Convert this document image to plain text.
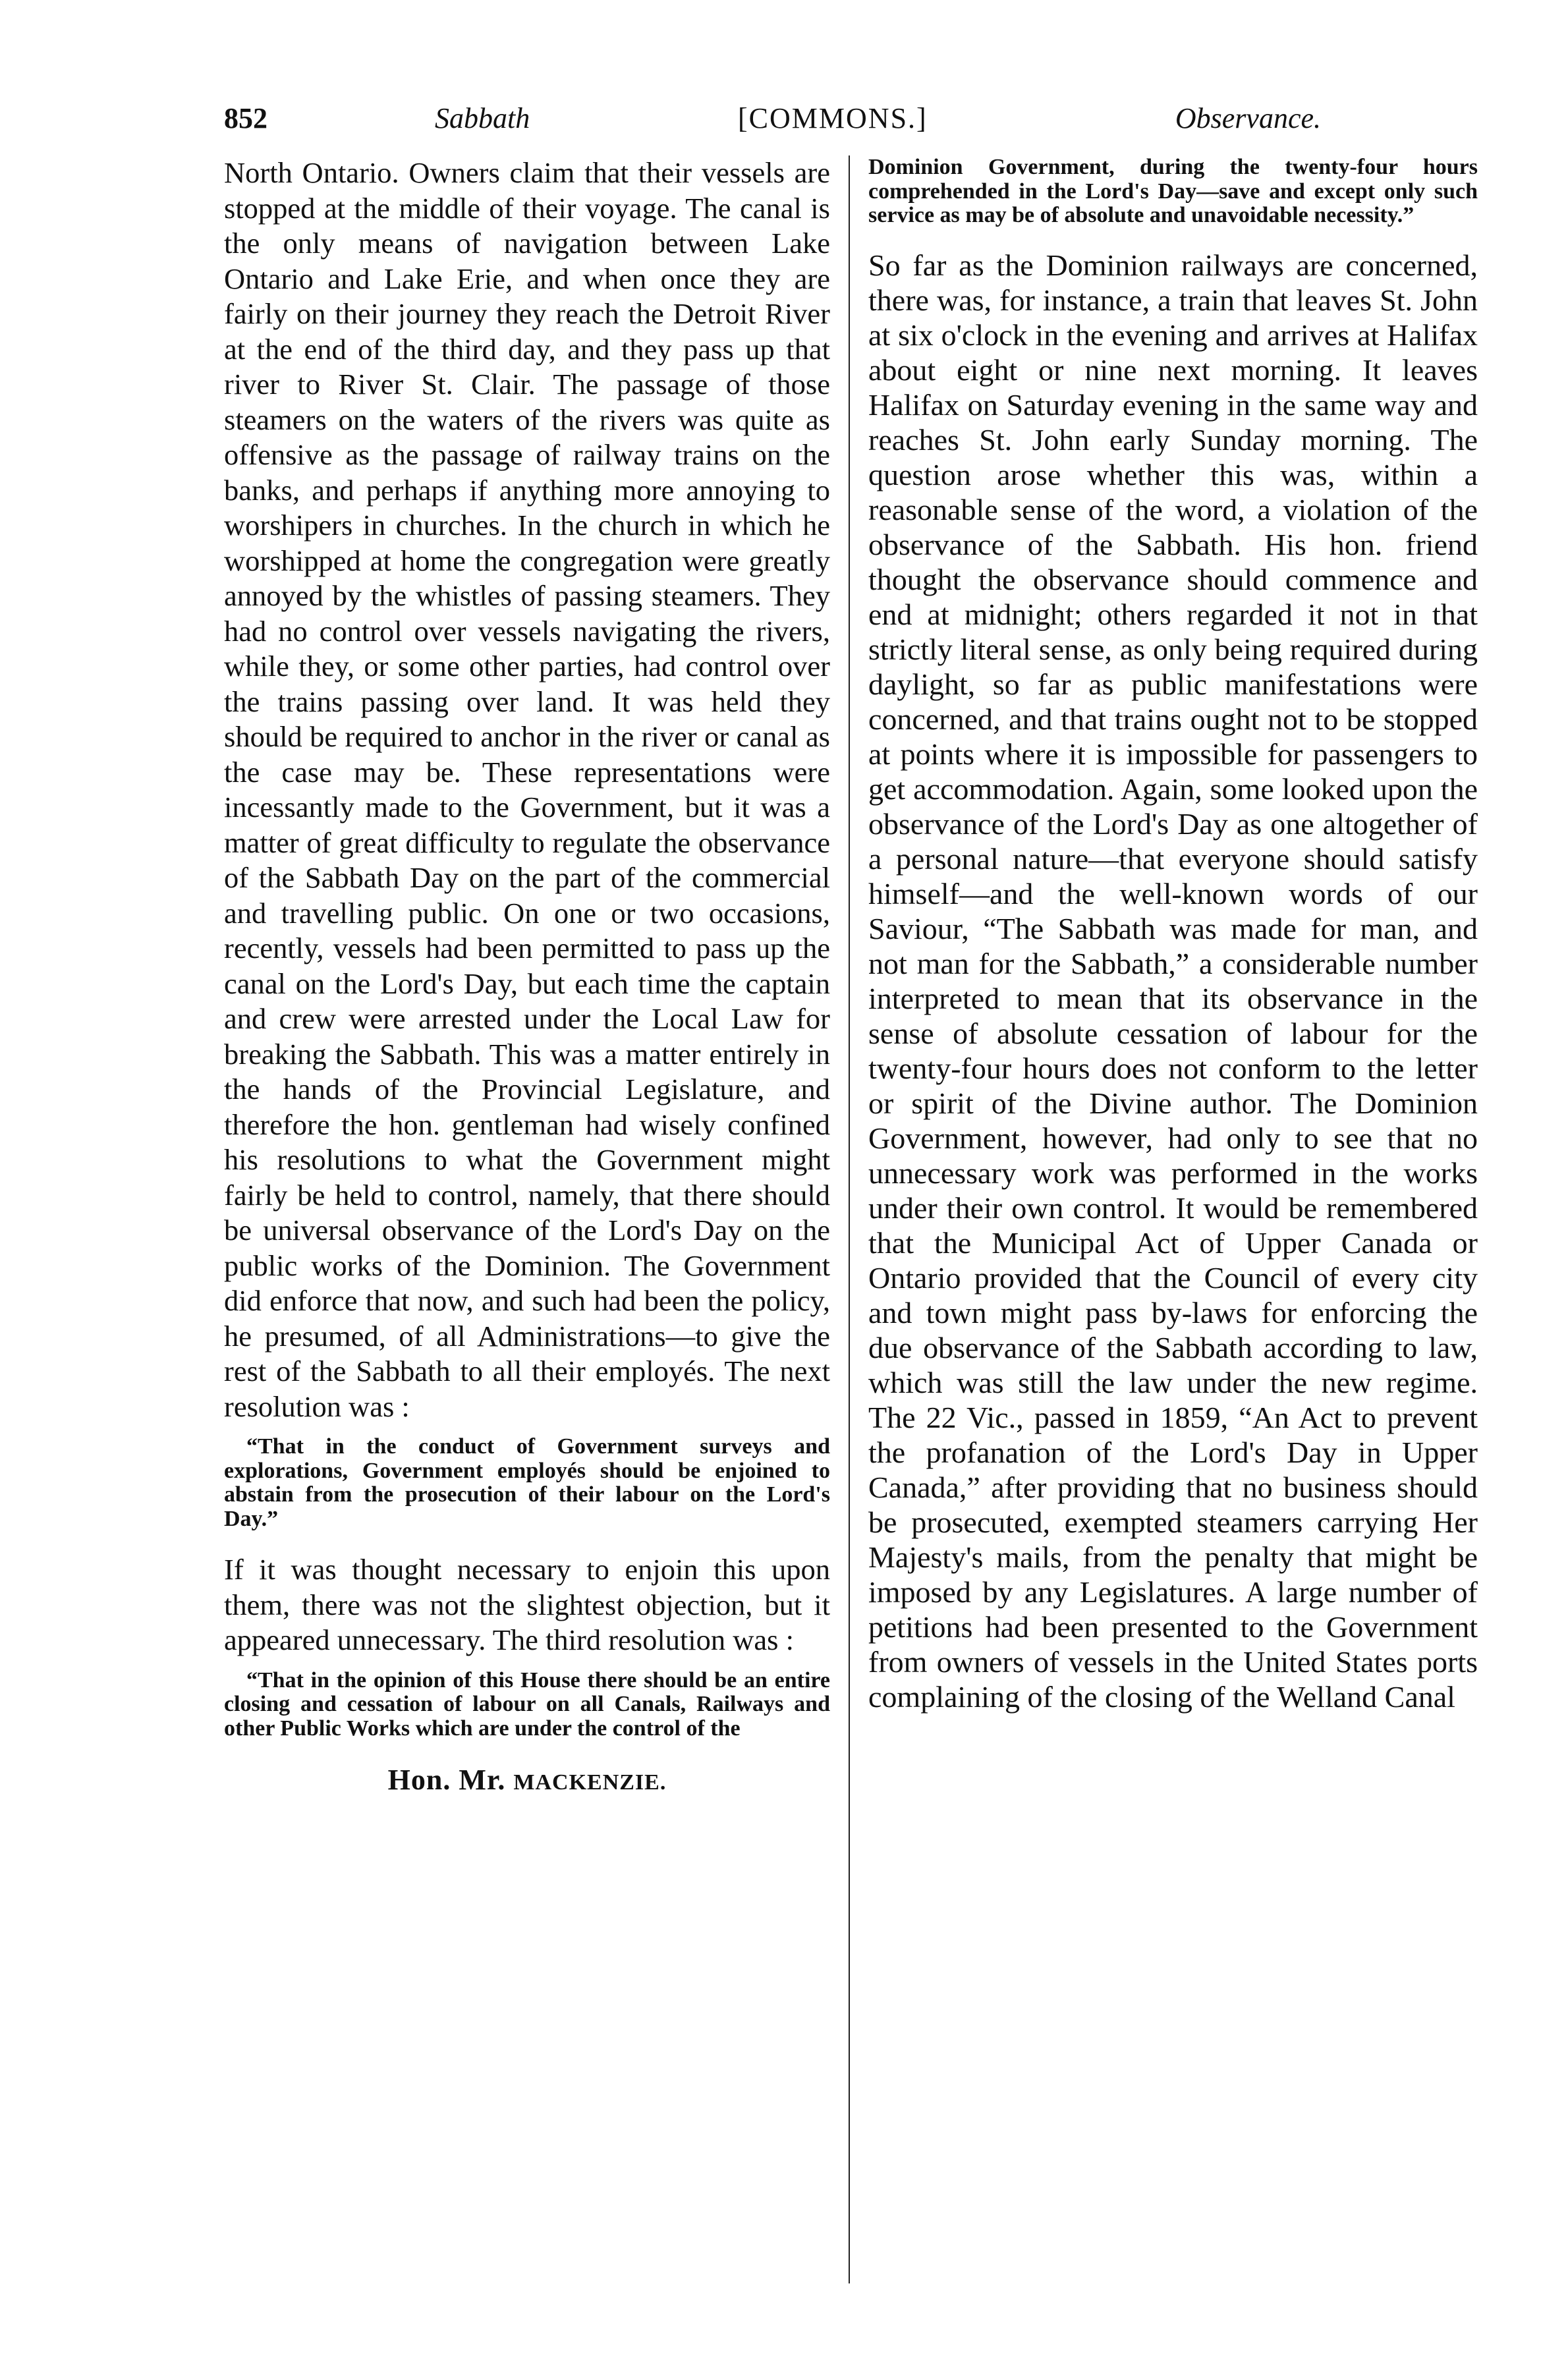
852	Sabbath	[COMMONS.]	Observance.

North Ontario. Owners claim that their vessels are stopped at the middle of their voyage. The canal is the only means of navigation between Lake Ontario and Lake Erie, and when once they are fairly on their journey they reach the Detroit River at the end of the third day, and they pass up that river to River St. Clair. The passage of those steamers on the waters of the rivers was quite as offensive as the passage of railway trains on the banks, and perhaps if anything more annoying to worshipers in churches. In the church in which he worshipped at home the congregation were greatly annoyed by the whistles of passing steamers. They had no control over vessels navigating the rivers, while they, or some other parties, had control over the trains passing over land. It was held they should be required to anchor in the river or canal as the case may be. These representations were incessantly made to the Government, but it was a matter of great difficulty to regulate the observance of the Sabbath Day on the part of the commercial and travelling public. On one or two occasions, recently, vessels had been permitted to pass up the canal on the Lord's Day, but each time the captain and crew were arrested under the Local Law for breaking the Sabbath. This was a matter entirely in the hands of the Provincial Legislature, and therefore the hon. gentleman had wisely confined his resolutions to what the Government might fairly be held to control, namely, that there should be universal observance of the Lord's Day on the public works of the Dominion. The Government did enforce that now, and such had been the policy, he presumed, of all Administrations—to give the rest of the Sabbath to all their employés. The next resolution was :

“That in the conduct of Government surveys and explorations, Government employés should be enjoined to abstain from the prosecution of their labour on the Lord's Day.”

If it was thought necessary to enjoin this upon them, there was not the slightest objection, but it appeared unnecessary. The third resolution was :

“That in the opinion of this House there should be an entire closing and cessation of labour on all Canals, Railways and other Public Works which are under the control of the

Hon. Mr. MACKENZIE.

Dominion Government, during the twenty-four hours comprehended in the Lord's Day—save and except only such service as may be of absolute and unavoidable necessity.”

So far as the Dominion railways are concerned, there was, for instance, a train that leaves St. John at six o'clock in the evening and arrives at Halifax about eight or nine next morning. It leaves Halifax on Saturday evening in the same way and reaches St. John early Sunday morning. The question arose whether this was, within a reasonable sense of the word, a violation of the observance of the Sabbath. His hon. friend thought the observance should commence and end at midnight; others regarded it not in that strictly literal sense, as only being required during daylight, so far as public manifestations were concerned, and that trains ought not to be stopped at points where it is impossible for passengers to get accommodation. Again, some looked upon the observance of the Lord's Day as one altogether of a personal nature—that everyone should satisfy himself—and the well-known words of our Saviour, “The Sabbath was made for man, and not man for the Sabbath,” a considerable number interpreted to mean that its observance in the sense of absolute cessation of labour for the twenty-four hours does not conform to the letter or spirit of the Divine author. The Dominion Government, however, had only to see that no unnecessary work was performed in the works under their own control. It would be remembered that the Municipal Act of Upper Canada or Ontario provided that the Council of every city and town might pass by-laws for enforcing the due observance of the Sabbath according to law, which was still the law under the new regime. The 22 Vic., passed in 1859, “An Act to prevent the profanation of the Lord's Day in Upper Canada,” after providing that no business should be prosecuted, exempted steamers carrying Her Majesty's mails, from the penalty that might be imposed by any Legislatures. A large number of petitions had been presented to the Government from owners of vessels in the United States ports complaining of the closing of the Welland Canal
